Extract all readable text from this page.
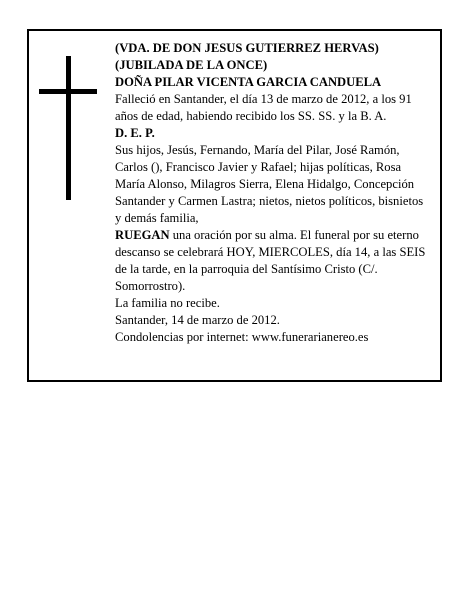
(VDA. DE DON JESUS GUTIERREZ HERVAS)

(JUBILADA DE LA ONCE)

DOÑA PILAR VICENTA GARCIA CANDUELA

Falleció en Santander, el día 13 de marzo de 2012, a los 91 años de edad, habiendo recibido los SS. SS. y la B. A.

D. E. P.

Sus hijos, Jesús, Fernando, María del Pilar, José Ramón, Carlos (), Francisco Javier y Rafael; hijas políticas, Rosa María Alonso, Milagros Sierra, Elena Hidalgo, Concepción Santander y Carmen Lastra; nietos, nietos políticos, bisnietos y demás familia,

RUEGAN una oración por su alma. El funeral por su eterno descanso se celebrará HOY, MIERCOLES, día 14, a las SEIS de la tarde, en la parroquia del Santísimo Cristo (C/. Somorrostro).

La familia no recibe.

Santander, 14 de marzo de 2012.

Condolencias por internet: www.funerarianereo.es
